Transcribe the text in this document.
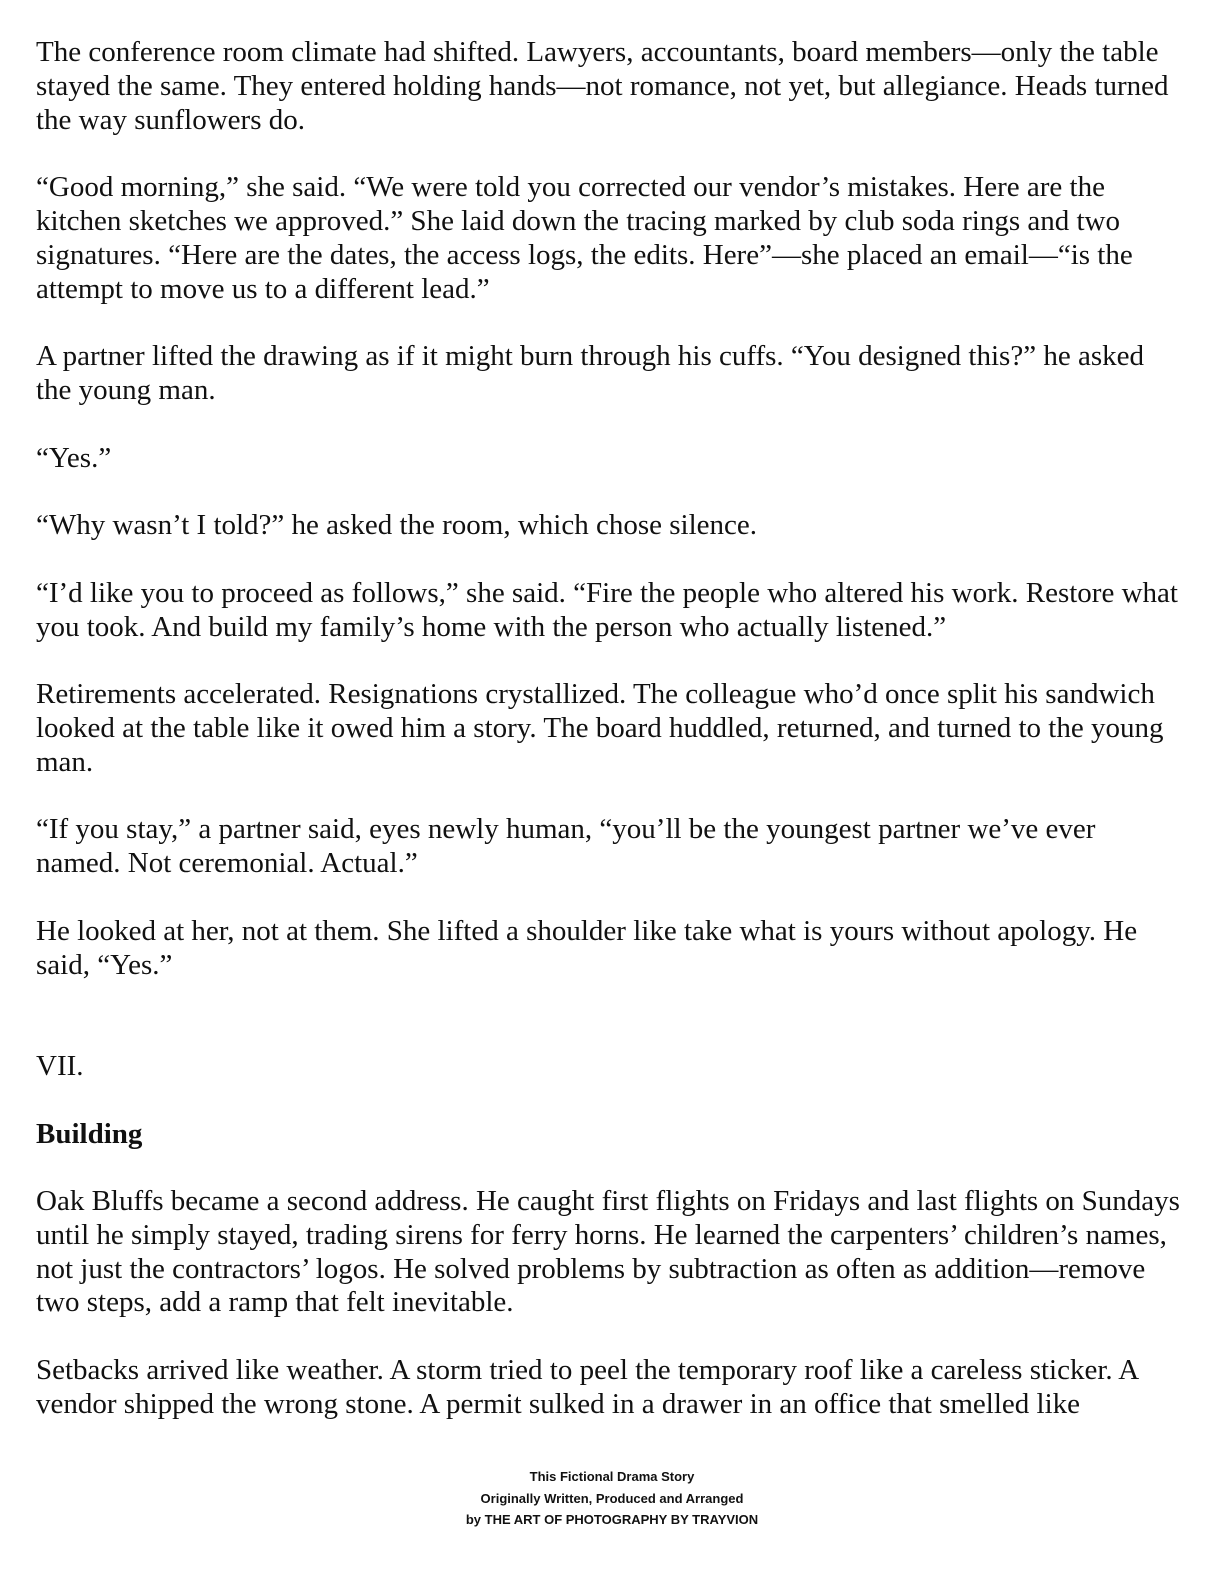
The conference room climate had shifted. Lawyers, accountants, board members—only the table stayed the same. They entered holding hands—not romance, not yet, but allegiance. Heads turned the way sunflowers do.

“Good morning,” she said. “We were told you corrected our vendor’s mistakes. Here are the kitchen sketches we approved.” She laid down the tracing marked by club soda rings and two signatures. “Here are the dates, the access logs, the edits. Here”—she placed an email—“is the attempt to move us to a different lead.”

A partner lifted the drawing as if it might burn through his cuffs. “You designed this?” he asked the young man.

“Yes.”

“Why wasn’t I told?” he asked the room, which chose silence.

“I’d like you to proceed as follows,” she said. “Fire the people who altered his work. Restore what you took. And build my family’s home with the person who actually listened.”

Retirements accelerated. Resignations crystallized. The colleague who’d once split his sandwich looked at the table like it owed him a story. The board huddled, returned, and turned to the young man.

“If you stay,” a partner said, eyes newly human, “you’ll be the youngest partner we’ve ever named. Not ceremonial. Actual.”

He looked at her, not at them. She lifted a shoulder like take what is yours without apology. He said, “Yes.”

VII.

Building

Oak Bluffs became a second address. He caught first flights on Fridays and last flights on Sundays until he simply stayed, trading sirens for ferry horns. He learned the carpenters’ children’s names, not just the contractors’ logos. He solved problems by subtraction as often as addition—remove two steps, add a ramp that felt inevitable.

Setbacks arrived like weather. A storm tried to peel the temporary roof like a careless sticker. A vendor shipped the wrong stone. A permit sulked in a drawer in an office that smelled like

This Fictional Drama Story
Originally Written, Produced and Arranged
by THE ART OF PHOTOGRAPHY BY TRAYVION
